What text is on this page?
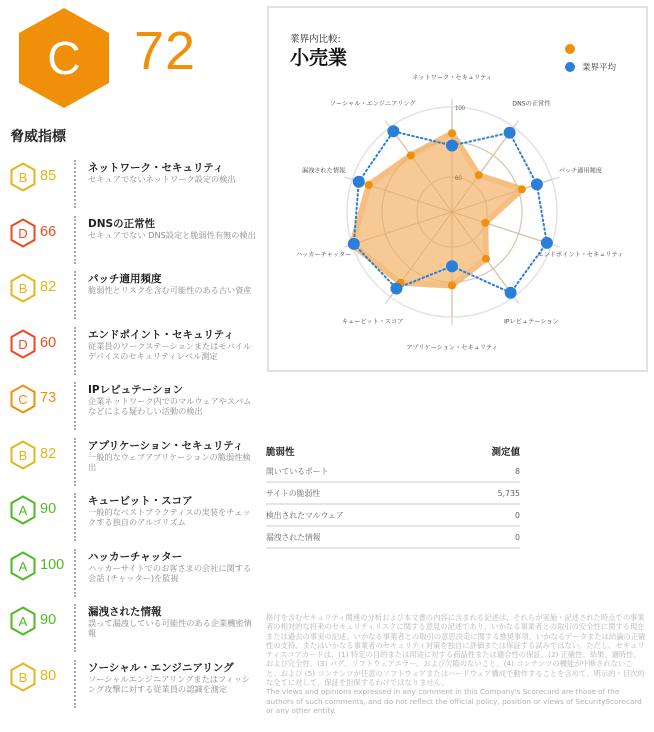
C 72
脅威指標
B 85	ネットワーク・セキュリティ
セキュアでないネットワーク設定の検出
D 66	DNSの正常性
セキュアでない DNS設定と脆弱性有無の検出
B 82	パッチ適用頻度
脆弱性とリスクを含む可能性のある古い資産
D 60	エンドポイント・セキュリティ
従業員のワークステーションまたはモバイルデバイスのセキュリティレベル測定
C 73	IPレピュテーション
企業ネットワーク内でのマルウェアやスパムなどによる疑わしい活動の検出
B 82	アプリケーション・セキュリティ
一般的なウェブアプリケーションの脆弱性検出
A 90	キュービット・スコア
一般的なベストプラクティスの実装をチェックする独自のアルゴリズム
A 100 ハッカーチャッター
ハッカーサイトでのお客さまの会社に関する会話 (チャッター)を監視
A 90	漏洩された情報
誤って漏洩している可能性のある企業機密情報
B 80	ソーシャル・エンジニアリング
ソーシャルエンジニアリングまたはフィッシング攻撃に対する従業員の認識を測定
業界内比較:
小売業	業界平均
100
60
ネットワーク・セキュリティ
DNSの正常性
パッチ適用頻度
エンドポイント・セキュリティ
IPレピュテーション
アプリケーション・セキュリティ
キュービット・スコア
ハッカーチャッター
漏洩された情報
ソーシャル・エンジニアリング
脆弱性	測定値
開いているポート	8
サイトの脆弱性	5,735
検出されたマルウェア	0
漏洩された情報	0
格付を含むセキュリティ関連の分析および本文書の内容に含まれる記述は、それらが実施・記述された時点での事業者の相対的な将来のセキュリティリスクに関する意見の記述であり、いかなる事業者との取引の安全性に関する現在または過去の事実の記述、いかなる事業者との取引の意思決定に関する推奨事項、いかなるデータまたは結論の正確性の支持、またはいかなる事業者のセキュリティ対策を独自に評価または保証する試みではない。ただし、セキュリティスコアカードは、(1) 特定の目的または用途に対する商品性または適合性の保証、(2) 正確性、結果、適時性、および完全性、(3) バグ、ソフトウェアエラー、および欠陥のないこと、(4) コンテンツの機能が中断されないこと、および (5) コンテンツが任意のソフトウェアまたはハードウェア構成で動作することを含めて、明示的・目次的な全てに対して、保証を担保するわけではなりません。
The views and opinions expressed in any comment in this Company's Scorecard are those of the authors of such comments, and do not reflect the official policy, position or views of SecurityScorecard or any other entity.
